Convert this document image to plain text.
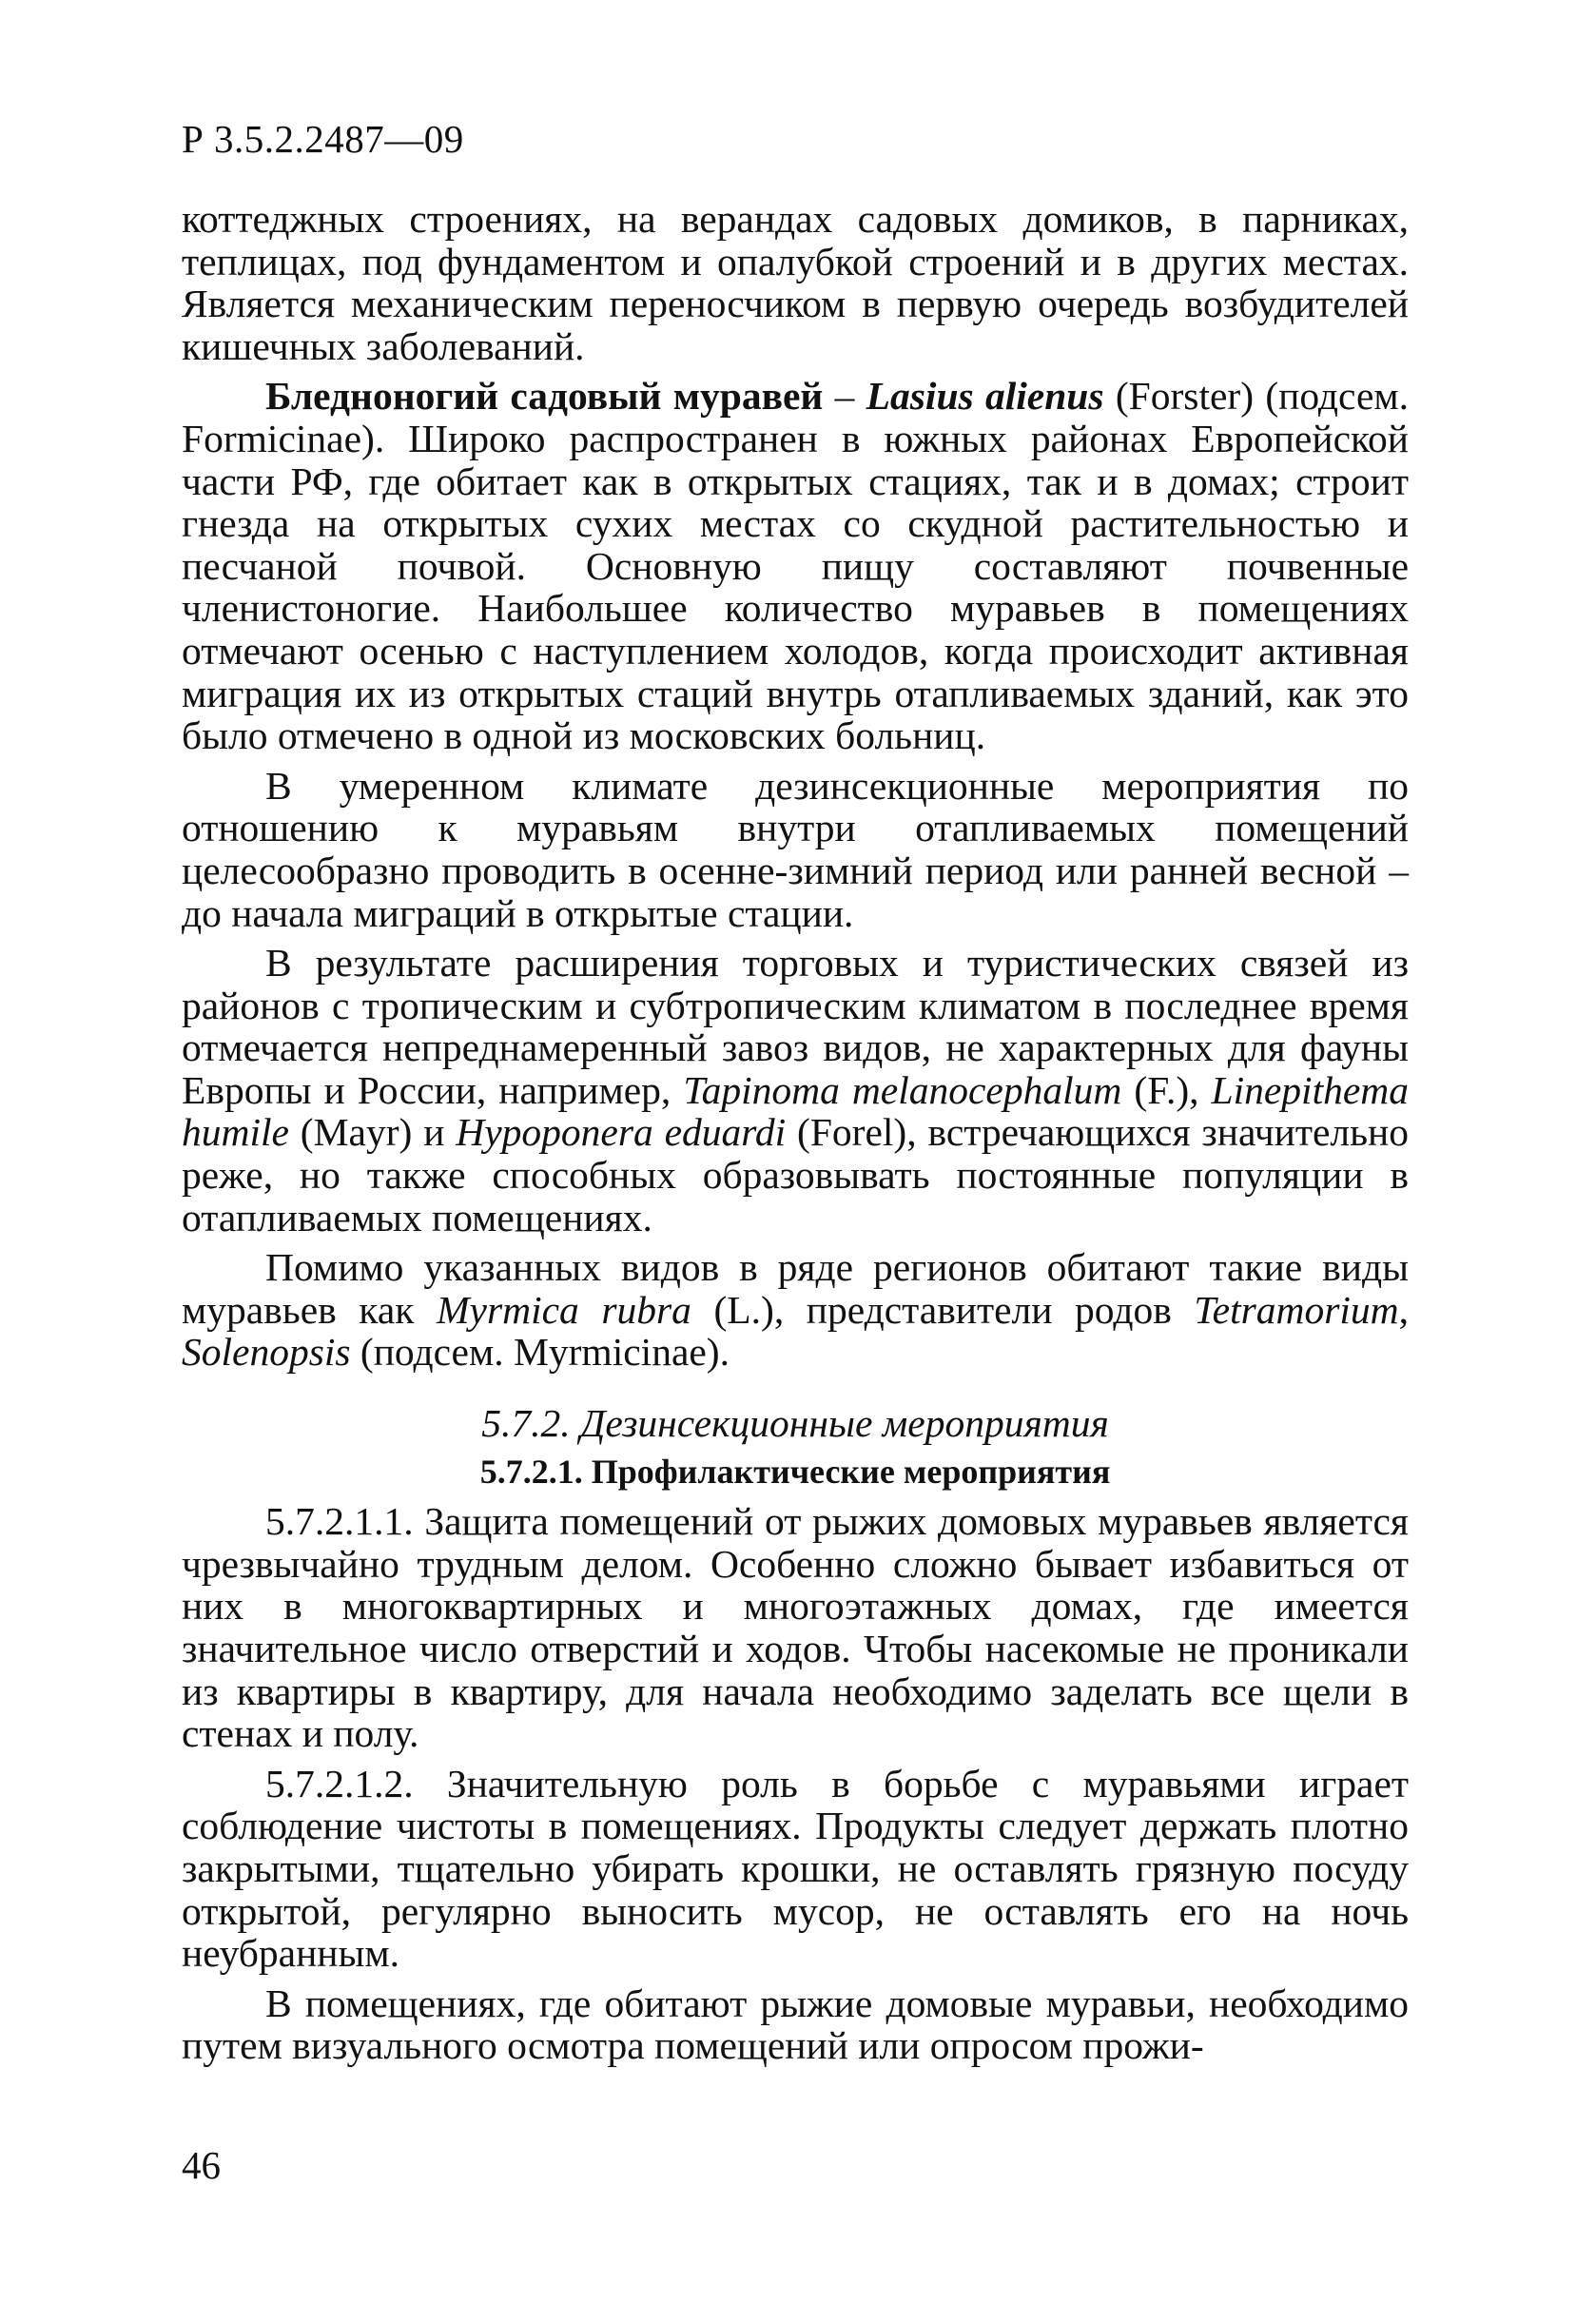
Р 3.5.2.2487—09

коттеджных строениях, на верандах садовых домиков, в парниках, теплицах, под фундаментом и опалубкой строений и в других местах. Является механическим переносчиком в первую очередь возбудителей кишечных заболеваний.

Бледноногий садовый муравей – Lasius alienus (Forster) (подсем. Formicinae). Широко распространен в южных районах Европейской части РФ, где обитает как в открытых стациях, так и в домах; строит гнезда на открытых сухих местах со скудной растительностью и песчаной почвой. Основную пищу составляют почвенные членистоногие. Наибольшее количество муравьев в помещениях отмечают осенью с наступлением холодов, когда происходит активная миграция их из открытых стаций внутрь отапливаемых зданий, как это было отмечено в одной из московских больниц.

В умеренном климате дезинсекционные мероприятия по отношению к муравьям внутри отапливаемых помещений целесообразно проводить в осенне-зимний период или ранней весной – до начала миграций в открытые стации.

В результате расширения торговых и туристических связей из районов с тропическим и субтропическим климатом в последнее время отмечается непреднамеренный завоз видов, не характерных для фауны Европы и России, например, Tapinoma melanocephalum (F.), Linepithema humile (Mayr) и Hypoponera eduardi (Forel), встречающихся значительно реже, но также способных образовывать постоянные популяции в отапливаемых помещениях.

Помимо указанных видов в ряде регионов обитают такие виды муравьев как Myrmica rubra (L.), представители родов Tetramorium, Solenopsis (подсем. Myrmicinae).

5.7.2. Дезинсекционные мероприятия

5.7.2.1. Профилактические мероприятия

5.7.2.1.1. Защита помещений от рыжих домовых муравьев является чрезвычайно трудным делом. Особенно сложно бывает избавиться от них в многоквартирных и многоэтажных домах, где имеется значительное число отверстий и ходов. Чтобы насекомые не проникали из квартиры в квартиру, для начала необходимо заделать все щели в стенах и полу.

5.7.2.1.2. Значительную роль в борьбе с муравьями играет соблюдение чистоты в помещениях. Продукты следует держать плотно закрытыми, тщательно убирать крошки, не оставлять грязную посуду открытой, регулярно выносить мусор, не оставлять его на ночь неубранным.

В помещениях, где обитают рыжие домовые муравьи, необходимо путем визуального осмотра помещений или опросом прожи-

46
